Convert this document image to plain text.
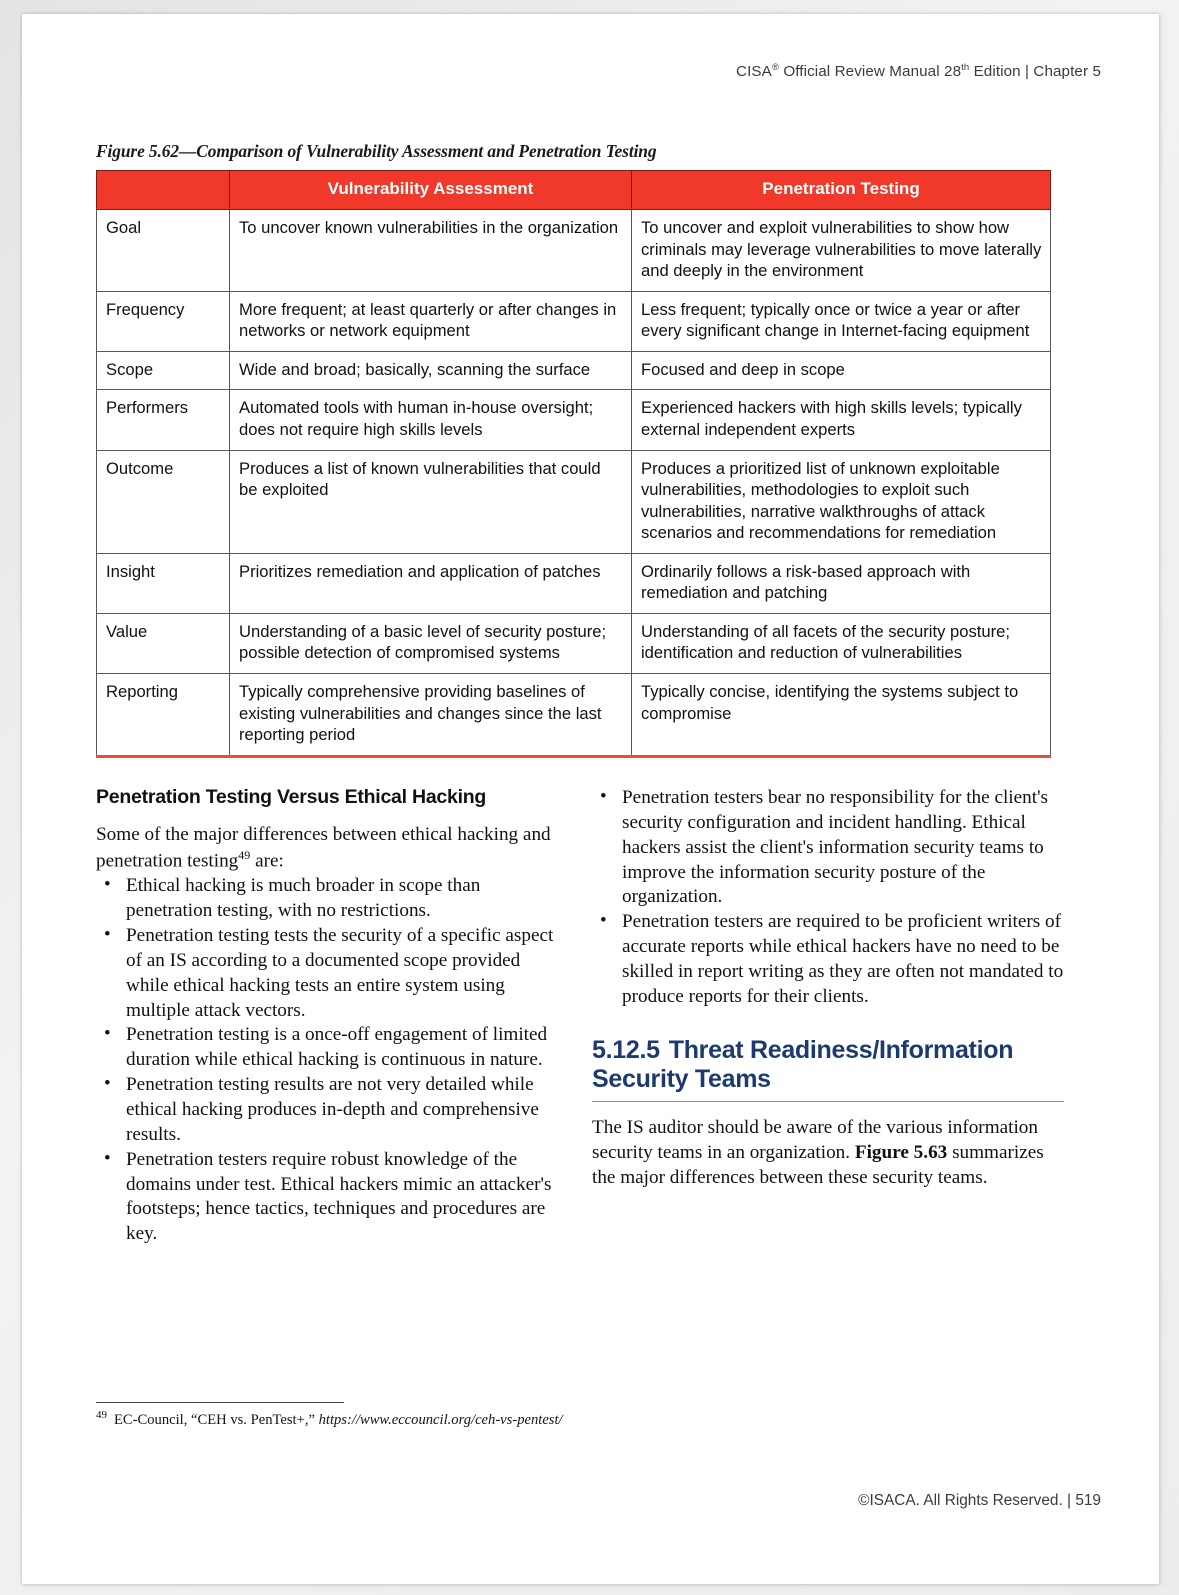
CISA® Official Review Manual 28th Edition | Chapter 5
Figure 5.62—Comparison of Vulnerability Assessment and Penetration Testing
	Vulnerability Assessment	Penetration Testing
Goal	To uncover known vulnerabilities in the organization	To uncover and exploit vulnerabilities to show how criminals may leverage vulnerabilities to move laterally and deeply in the environment
Frequency	More frequent; at least quarterly or after changes in networks or network equipment	Less frequent; typically once or twice a year or after every significant change in Internet-facing equipment
Scope	Wide and broad; basically, scanning the surface	Focused and deep in scope
Performers	Automated tools with human in-house oversight; does not require high skills levels	Experienced hackers with high skills levels; typically external independent experts
Outcome	Produces a list of known vulnerabilities that could be exploited	Produces a prioritized list of unknown exploitable vulnerabilities, methodologies to exploit such vulnerabilities, narrative walkthroughs of attack scenarios and recommendations for remediation
Insight	Prioritizes remediation and application of patches	Ordinarily follows a risk-based approach with remediation and patching
Value	Understanding of a basic level of security posture; possible detection of compromised systems	Understanding of all facets of the security posture; identification and reduction of vulnerabilities
Reporting	Typically comprehensive providing baselines of existing vulnerabilities and changes since the last reporting period	Typically concise, identifying the systems subject to compromise
Penetration Testing Versus Ethical Hacking

Some of the major differences between ethical hacking and penetration testing$^{49}$ are:

• Ethical hacking is much broader in scope than penetration testing, with no restrictions.
• Penetration testing tests the security of a specific aspect of an IS according to a documented scope provided while ethical hacking tests an entire system using multiple attack vectors.
• Penetration testing is a once-off engagement of limited duration while ethical hacking is continuous in nature.
• Penetration testing results are not very detailed while ethical hacking produces in-depth and comprehensive results.
• Penetration testers require robust knowledge of the domains under test. Ethical hackers mimic an attacker's footsteps; hence tactics, techniques and procedures are key.
• Penetration testers bear no responsibility for the client's security configuration and incident handling. Ethical hackers assist the client's information security teams to improve the information security posture of the organization.
• Penetration testers are required to be proficient writers of accurate reports while ethical hackers have no need to be skilled in report writing as they are often not mandated to produce reports for their clients.
5.12.5 Threat Readiness/Information Security Teams

The IS auditor should be aware of the various information security teams in an organization. Figure 5.63 summarizes the major differences between these security teams.

$^{49}$ EC-Council, “CEH vs. PenTest+,” https://www.eccouncil.org/ceh-vs-pentest/
©ISACA. All Rights Reserved. | 519
